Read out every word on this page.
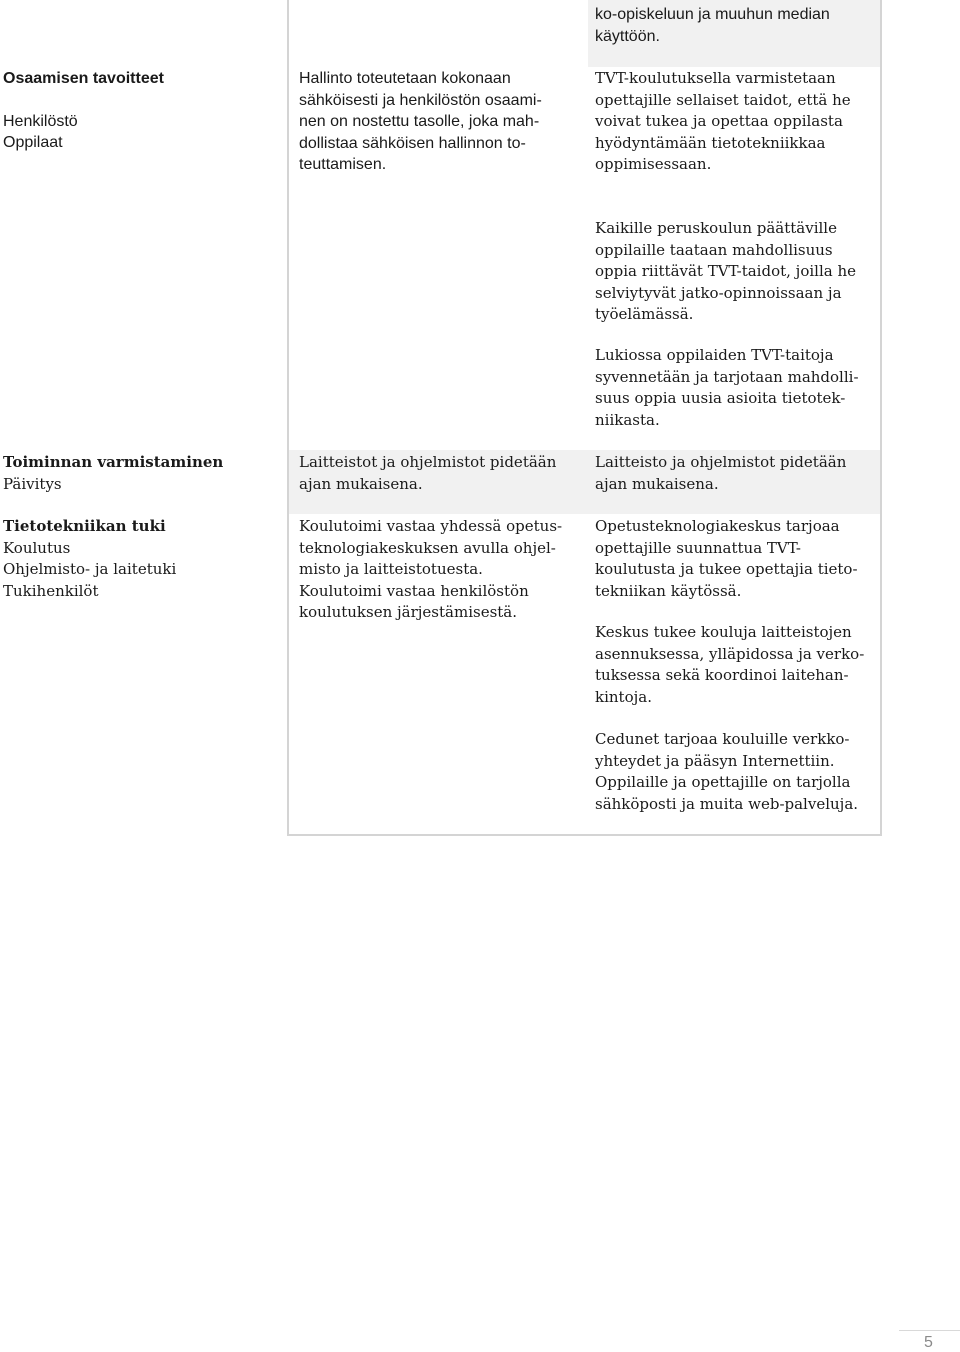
ko-opiskeluun ja muuhun median

käyttöön.

Osaamisen tavoitteet

Henkilöstö

Oppilaat

Hallinto toteutetaan kokonaan

sähköisesti ja henkilöstön osaami-

nen on nostettu tasolle, joka mah-

dollistaa sähköisen hallinnon to-

teuttamisen.

TVT-koulutuksella varmistetaan

opettajille sellaiset taidot, että he

voivat tukea ja opettaa oppilasta

hyödyntämään tietotekniikkaa

oppimisessaan.

Kaikille peruskoulun päättäville

oppilaille taataan mahdollisuus

oppia riittävät TVT-taidot, joilla he

selviytyvät jatko-opinnoissaan ja

työelämässä.

Lukiossa oppilaiden TVT-taitoja

syvennetään ja tarjotaan mahdolli-

suus oppia uusia asioita tietotek-

niikasta.

Toiminnan varmistaminen

Päivitys

Laitteistot ja ohjelmistot pidetään

ajan mukaisena.

Laitteisto ja ohjelmistot pidetään

ajan mukaisena.

Tietotekniikan tuki

Koulutus

Ohjelmisto- ja laitetuki

Tukihenkilöt

Koulutoimi vastaa yhdessä opetus-

teknologiakeskuksen avulla ohjel-

misto ja laitteistotuesta.

Koulutoimi vastaa henkilöstön

koulutuksen järjestämisestä.

Opetusteknologiakeskus tarjoaa

opettajille suunnattua TVT-

koulutusta ja tukee opettajia tieto-

tekniikan käytössä.

Keskus tukee kouluja laitteistojen

asennuksessa, ylläpidossa ja verko-

tuksessa sekä koordinoi laitehan-

kintoja.

Cedunet tarjoaa kouluille verkko-

yhteydet ja pääsyn Internettiin.

Oppilaille ja opettajille on tarjolla

sähköposti ja muita web-palveluja.

5
